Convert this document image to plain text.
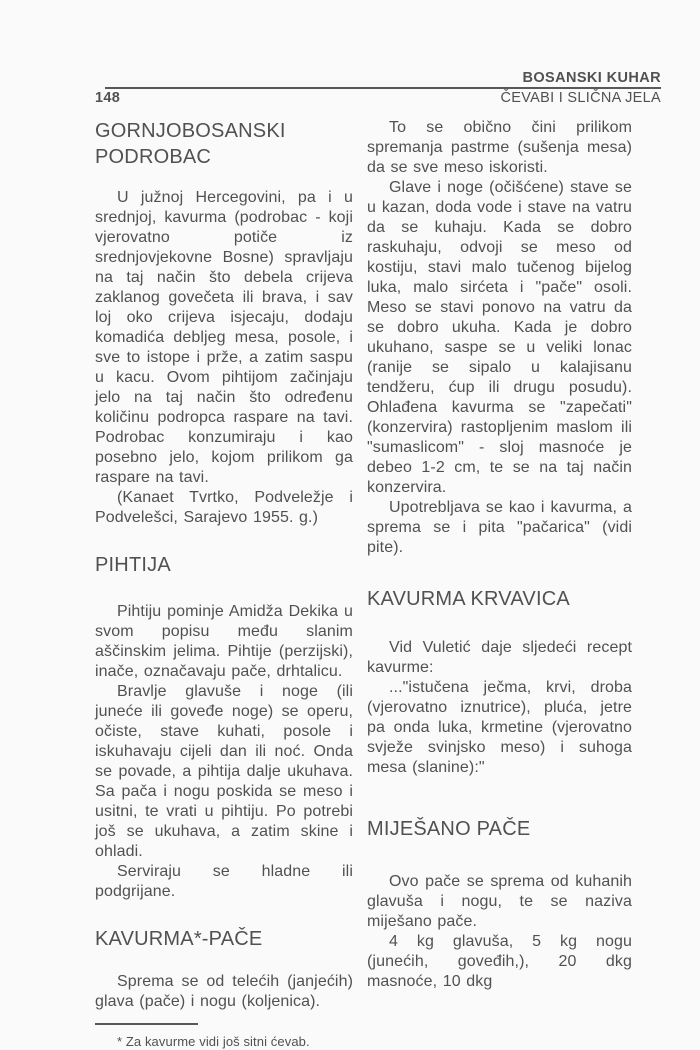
BOSANSKI KUHAR
148	ČEVABI I SLIČNA JELA
GORNJOBOSANSKI PODROBAC

U južnoj Hercegovini, pa i u srednjoj, kavurma (podrobac - koji vjerovatno potiče iz srednjovjekovne Bosne) spravljaju na taj način što debela crijeva zaklanog govečeta ili brava, i sav loj oko crijeva isjecaju, dodaju komadića debljeg mesa, posole, i sve to istope i prže, a zatim saspu u kacu. Ovom pihtijom začinjaju jelo na taj način što određenu količinu podropca raspare na tavi. Podrobac konzumiraju i kao posebno jelo, kojom prilikom ga raspare na tavi.

(Kanaet Tvrtko, Podveležje i Podvelešci, Sarajevo 1955. g.)

PIHTIJA

Pihtiju pominje Amidža Dekika u svom popisu među slanim aščinskim jelima. Pihtije (perzijski), inače, označavaju pače, drhtalicu.

Bravlje glavuše i noge (ili juneće ili goveđe noge) se operu, očiste, stave kuhati, posole i iskuhavaju cijeli dan ili noć. Onda se povade, a pihtija dalje ukuhava. Sa pača i nogu poskida se meso i usitni, te vrati u pihtiju. Po potrebi još se ukuhava, a zatim skine i ohladi.

Serviraju se hladne ili podgrijane.

KAVURMA*-PAČE

Sprema se od telećih (janjećih) glava (pače) i nogu (koljenica).

* Za kavurme vidi još sitni ćevab.

To se obično čini prilikom spremanja pastrme (sušenja mesa) da se sve meso iskoristi.

Glave i noge (očišćene) stave se u kazan, doda vode i stave na vatru da se kuhaju. Kada se dobro raskuhaju, odvoji se meso od kostiju, stavi malo tučenog bijelog luka, malo sirćeta i "pače" osoli. Meso se stavi ponovo na vatru da se dobro ukuha. Kada je dobro ukuhano, saspe se u veliki lonac (ranije se sipalo u kalajisanu tendžeru, ćup ili drugu posudu). Ohlađena kavurma se "zapečati" (konzervira) rastopljenim maslom ili "sumaslicom" - sloj masnoće je debeo 1-2 cm, te se na taj način konzervira.

Upotrebljava se kao i kavurma, a sprema se i pita "pačarica" (vidi pite).

KAVURMA KRVAVICA

Vid Vuletić daje sljedeći recept kavurme:

..."istučena ječma, krvi, droba (vjerovatno iznutrice), pluća, jetre pa onda luka, krmetine (vjerovatno svježe svinjsko meso) i suhoga mesa (slanine):"

MIJEŠANO PAČE

Ovo pače se sprema od kuhanih glavuša i nogu, te se naziva miješano pače.

4 kg glavuša, 5 kg nogu (junećih, goveđih,), 20 dkg masnoće, 10 dkg
